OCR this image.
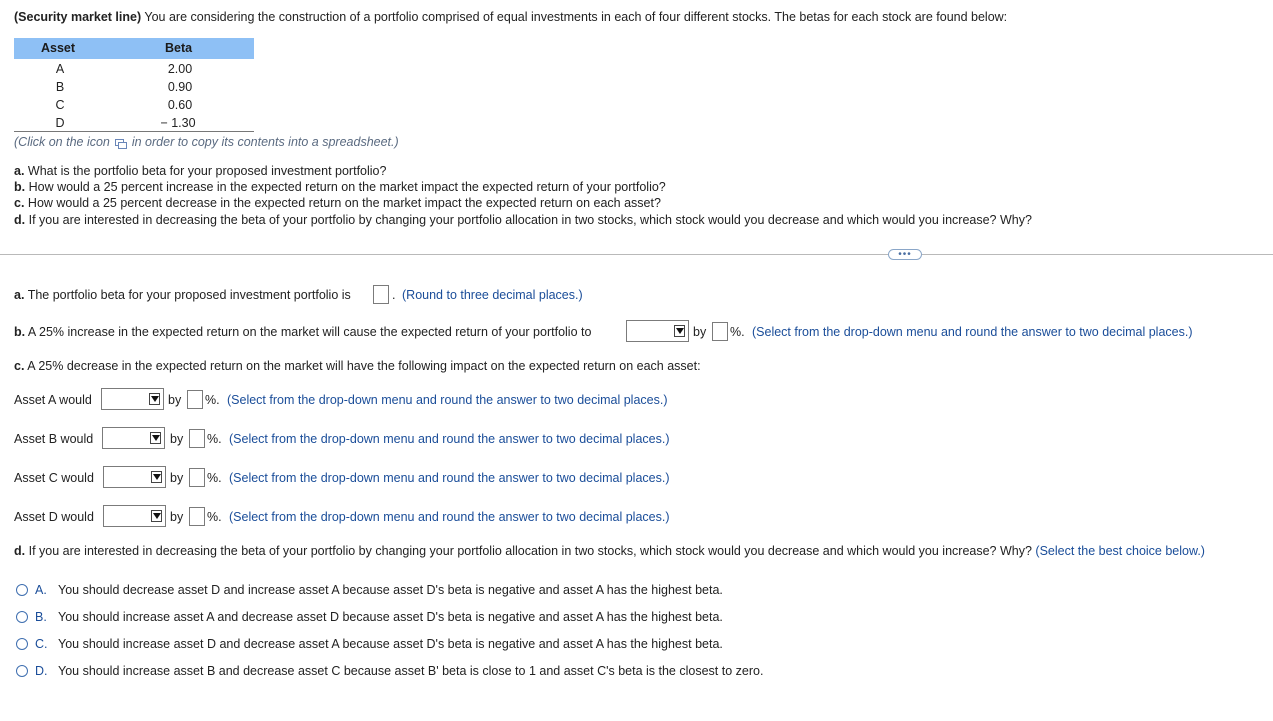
(Security market line) You are considering the construction of a portfolio comprised of equal investments in each of four different stocks. The betas for each stock are found below:
Asset	Beta
A	2.00
B	0.90
C	0.60
D	− 1.30
(Click on the icon in order to copy its contents into a spreadsheet.)
a. What is the portfolio beta for your proposed investment portfolio?
b. How would a 25 percent increase in the expected return on the market impact the expected return of your portfolio?
c. How would a 25 percent decrease in the expected return on the market impact the expected return on each asset?
d. If you are interested in decreasing the beta of your portfolio by changing your portfolio allocation in two stocks, which stock would you decrease and which would you increase? Why?
•••
a. The portfolio beta for your proposed investment portfolio is	. (Round to three decimal places.)
b. A 25% increase in the expected return on the market will cause the expected return of your portfolio to	by %. (Select from the drop-down menu and round the answer to two decimal places.)
c. A 25% decrease in the expected return on the market will have the following impact on the expected return on each asset:
Asset A would	by %. (Select from the drop-down menu and round the answer to two decimal places.)
Asset B would	by %. (Select from the drop-down menu and round the answer to two decimal places.)
Asset C would	by %. (Select from the drop-down menu and round the answer to two decimal places.)
Asset D would	by %. (Select from the drop-down menu and round the answer to two decimal places.)
d. If you are interested in decreasing the beta of your portfolio by changing your portfolio allocation in two stocks, which stock would you decrease and which would you increase? Why? (Select the best choice below.)
A. You should decrease asset D and increase asset A because asset D's beta is negative and asset A has the highest beta.
B. You should increase asset A and decrease asset D because asset D's beta is negative and asset A has the highest beta.
C. You should increase asset D and decrease asset A because asset D's beta is negative and asset A has the highest beta.
D. You should increase asset B and decrease asset C because asset B' beta is close to 1 and asset C's beta is the closest to zero.
